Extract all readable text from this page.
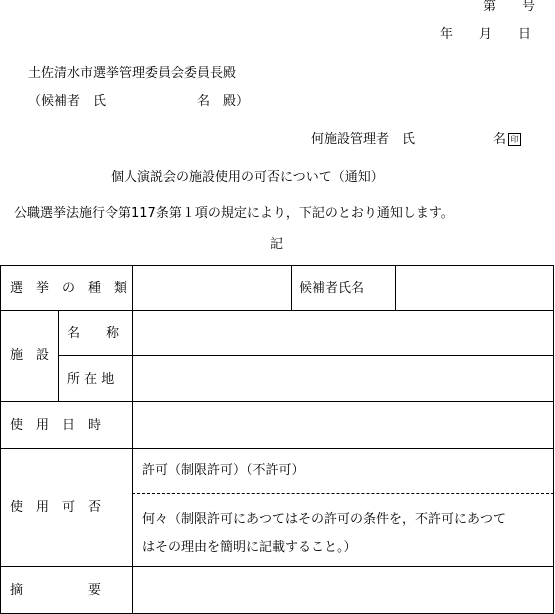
第　　号
年　　月　　日
土佐清水市選挙管理委員会委員長殿
（候補者　氏　　　　　　　名　殿）
何施設管理者　氏　　　　　　名 印
個人演説会の施設使用の可否について（通知）
公職選挙法施行令第117条第１項の規定により，下記のとおり通知します。
記
選　挙　の　種　類	候補者氏名
施　設
名　　称
所 在 地
使　用　日　時
使　用　可　否
許可（制限許可）（不許可）
何々（制限許可にあつてはその許可の条件を，不許可にあつて
はその理由を簡明に記載すること。）
摘　　　　　要
